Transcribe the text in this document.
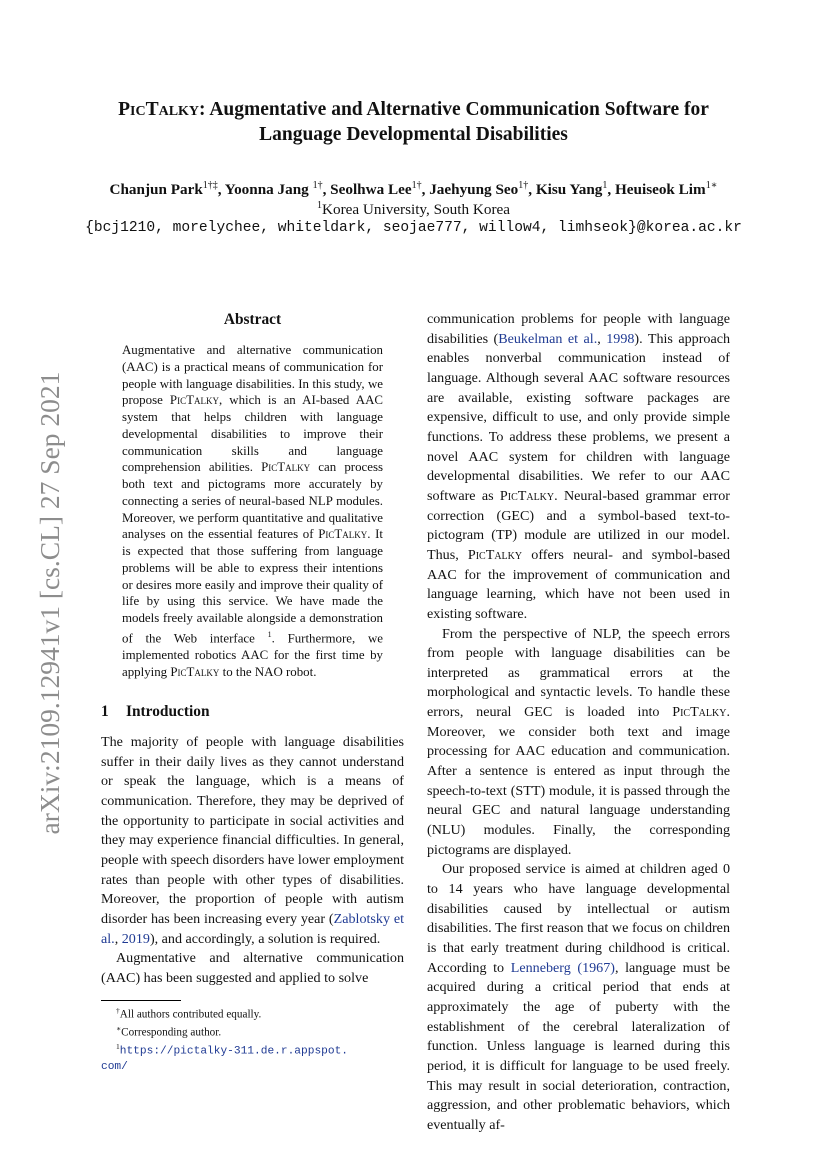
arXiv:2109.12941v1 [cs.CL] 27 Sep 2021
PicTalky: Augmentative and Alternative Communication Software for
Language Developmental Disabilities
Chanjun Park$^{1\dagger\ddagger}$, Yoonna Jang $^{1\dagger}$, Seolhwa Lee$^{1\dagger}$, Jaehyung Seo$^{1\dagger}$, Kisu Yang$^1$, Heuiseok Lim$^{1∗}$
$^1$Korea University, South Korea
{bcj1210, morelychee, whiteldark, seojae777, willow4, limhseok}@korea.ac.kr
Abstract
Augmentative and alternative communication (AAC) is a practical means of communication for people with language disabilities. In this study, we propose PicTalky, which is an AI-based AAC system that helps children with language developmental disabilities to improve their communication skills and language comprehension abilities. PicTalky can process both text and pictograms more accurately by connecting a series of neural-based NLP modules. Moreover, we perform quantitative and qualitative analyses on the essential features of PicTalky. It is expected that those suffering from language problems will be able to express their intentions or desires more easily and improve their quality of life by using this service. We have made the models freely available alongside a demonstration of the Web interface $^1$. Furthermore, we implemented robotics AAC for the first time by applying PicTalky to the NAO robot.
1 Introduction

The majority of people with language disabilities suffer in their daily lives as they cannot understand or speak the language, which is a means of communication. Therefore, they may be deprived of the opportunity to participate in social activities and they may experience financial difficulties. In general, people with speech disorders have lower employment rates than people with other types of disabilities. Moreover, the proportion of people with autism disorder has been increasing every year (Zablotsky et al., 2019), and accordingly, a solution is required.

Augmentative and alternative communication (AAC) has been suggested and applied to solve

†All authors contributed equally.
∗Corresponding author.
$^1$https://pictalky-311.de.r.appspot.
com/

communication problems for people with language disabilities (Beukelman et al., 1998). This approach enables nonverbal communication instead of language. Although several AAC software resources are available, existing software packages are expensive, difficult to use, and only provide simple functions. To address these problems, we present a novel AAC system for children with language developmental disabilities. We refer to our AAC software as PicTalky. Neural-based grammar error correction (GEC) and a symbol-based text-to-pictogram (TP) module are utilized in our model. Thus, PicTalky offers neural- and symbol-based AAC for the improvement of communication and language learning, which have not been used in existing software.

From the perspective of NLP, the speech errors from people with language disabilities can be interpreted as grammatical errors at the morphological and syntactic levels. To handle these errors, neural GEC is loaded into PicTalky. Moreover, we consider both text and image processing for AAC education and communication. After a sentence is entered as input through the speech-to-text (STT) module, it is passed through the neural GEC and natural language understanding (NLU) modules. Finally, the corresponding pictograms are displayed.

Our proposed service is aimed at children aged 0 to 14 years who have language developmental disabilities caused by intellectual or autism disabilities. The first reason that we focus on children is that early treatment during childhood is critical. According to Lenneberg (1967), language must be acquired during a critical period that ends at approximately the age of puberty with the establishment of the cerebral lateralization of function. Unless language is learned during this period, it is difficult for language to be used freely. This may result in social deterioration, contraction, aggression, and other problematic behaviors, which eventually af-
